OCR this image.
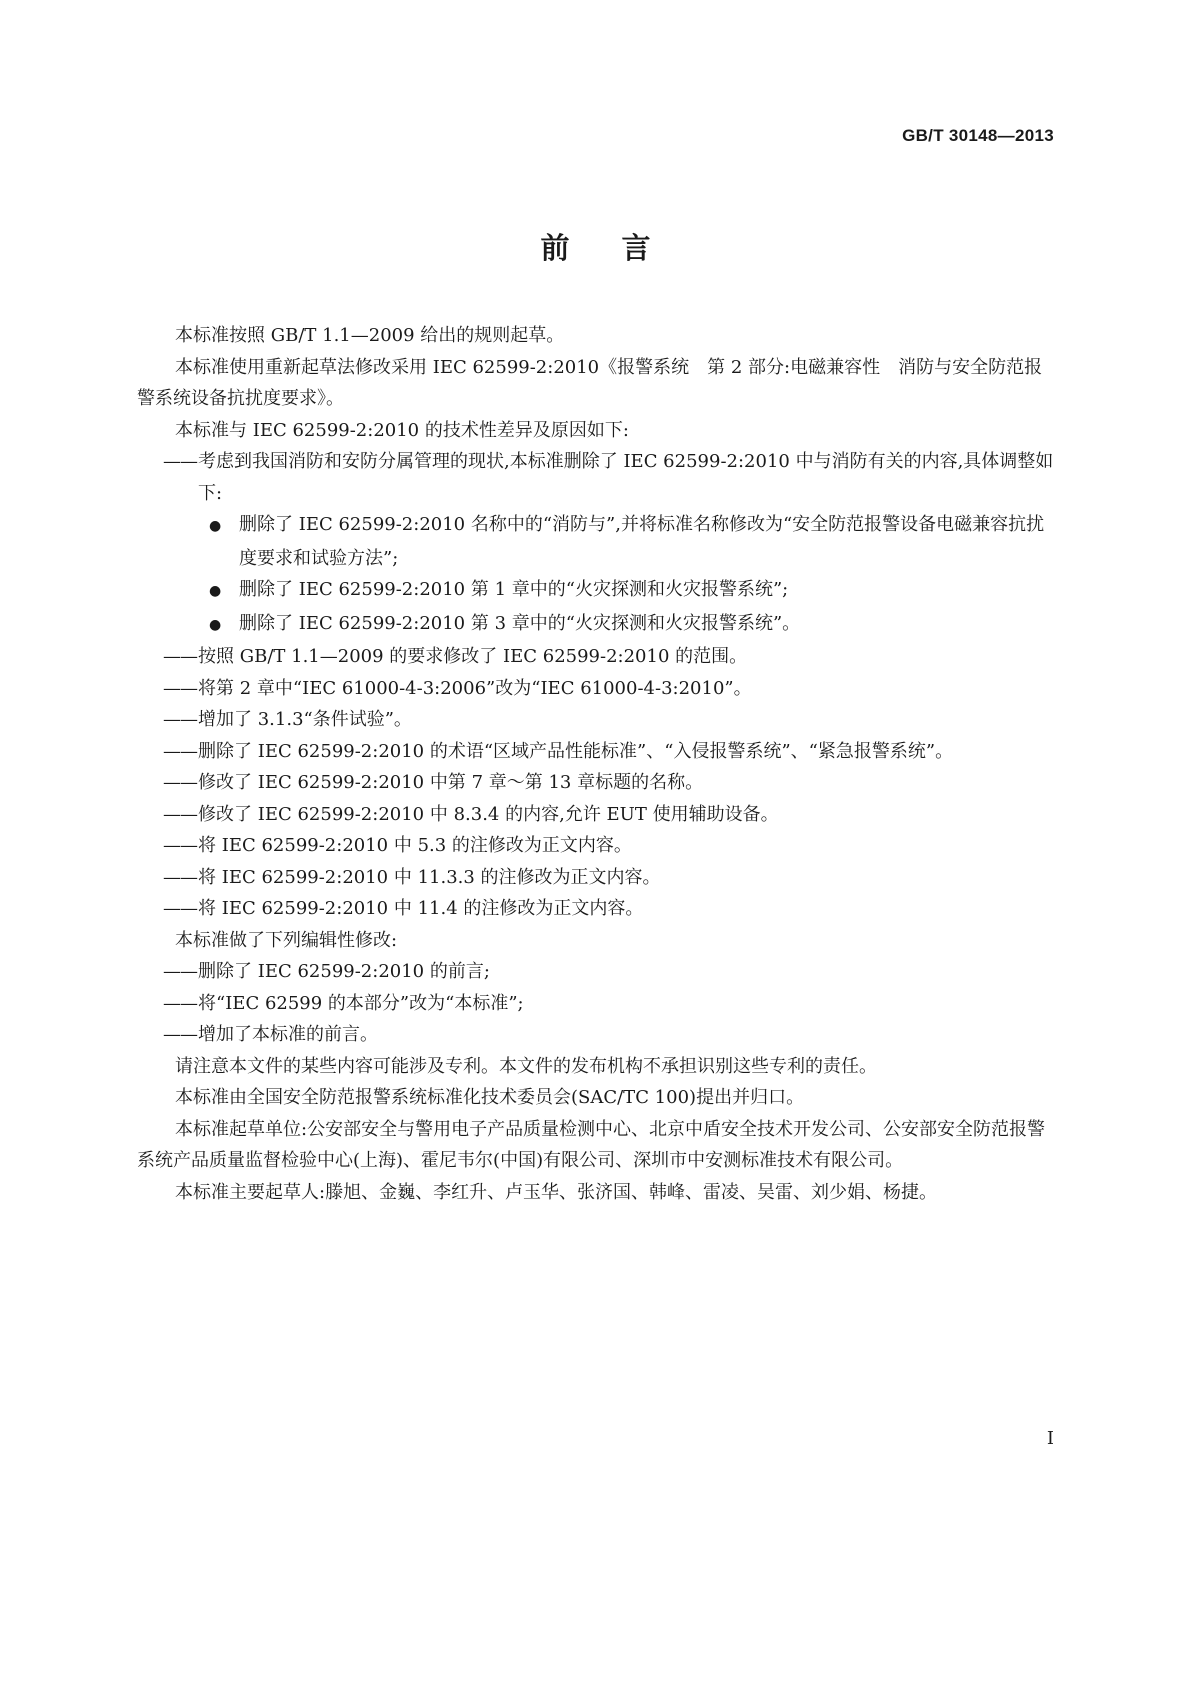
GB/T 30148—2013
前言

本标准按照 GB/T 1.1—2009 给出的规则起草。

本标准使用重新起草法修改采用 IEC 62599-2:2010《报警系统　第 2 部分:电磁兼容性　消防与安全防范报警系统设备抗扰度要求》。

本标准与 IEC 62599-2:2010 的技术性差异及原因如下:

——考虑到我国消防和安防分属管理的现状,本标准删除了 IEC 62599-2:2010 中与消防有关的内容,具体调整如下:

● 删除了 IEC 62599-2:2010 名称中的“消防与”,并将标准名称修改为“安全防范报警设备电磁兼容抗扰度要求和试验方法”;

● 删除了 IEC 62599-2:2010 第 1 章中的“火灾探测和火灾报警系统”;

● 删除了 IEC 62599-2:2010 第 3 章中的“火灾探测和火灾报警系统”。

——按照 GB/T 1.1—2009 的要求修改了 IEC 62599-2:2010 的范围。

——将第 2 章中“IEC 61000-4-3:2006”改为“IEC 61000-4-3:2010”。

——增加了 3.1.3“条件试验”。

——删除了 IEC 62599-2:2010 的术语“区域产品性能标准”、“入侵报警系统”、“紧急报警系统”。

——修改了 IEC 62599-2:2010 中第 7 章～第 13 章标题的名称。

——修改了 IEC 62599-2:2010 中 8.3.4 的内容,允许 EUT 使用辅助设备。

——将 IEC 62599-2:2010 中 5.3 的注修改为正文内容。

——将 IEC 62599-2:2010 中 11.3.3 的注修改为正文内容。

——将 IEC 62599-2:2010 中 11.4 的注修改为正文内容。

本标准做了下列编辑性修改:

——删除了 IEC 62599-2:2010 的前言;

——将“IEC 62599 的本部分”改为“本标准”;

——增加了本标准的前言。

请注意本文件的某些内容可能涉及专利。本文件的发布机构不承担识别这些专利的责任。

本标准由全国安全防范报警系统标准化技术委员会(SAC/TC 100)提出并归口。

本标准起草单位:公安部安全与警用电子产品质量检测中心、北京中盾安全技术开发公司、公安部安全防范报警系统产品质量监督检验中心(上海)、霍尼韦尔(中国)有限公司、深圳市中安测标准技术有限公司。

本标准主要起草人:滕旭、金巍、李红升、卢玉华、张济国、韩峰、雷凌、吴雷、刘少娟、杨捷。

I
